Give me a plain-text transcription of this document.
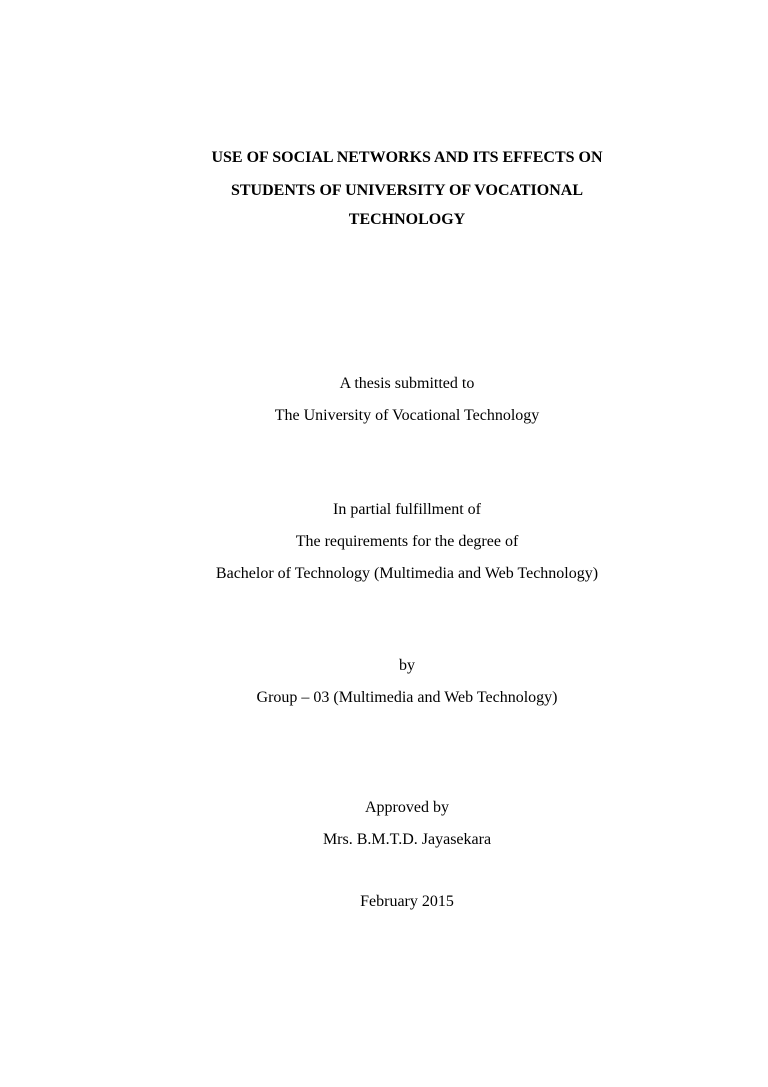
USE OF SOCIAL NETWORKS AND ITS EFFECTS ON
STUDENTS OF UNIVERSITY OF VOCATIONAL
TECHNOLOGY
A thesis submitted to
The University of Vocational Technology
In partial fulfillment of
The requirements for the degree of
Bachelor of Technology (Multimedia and Web Technology)
by
Group – 03 (Multimedia and Web Technology)
Approved by
Mrs. B.M.T.D. Jayasekara
February 2015
